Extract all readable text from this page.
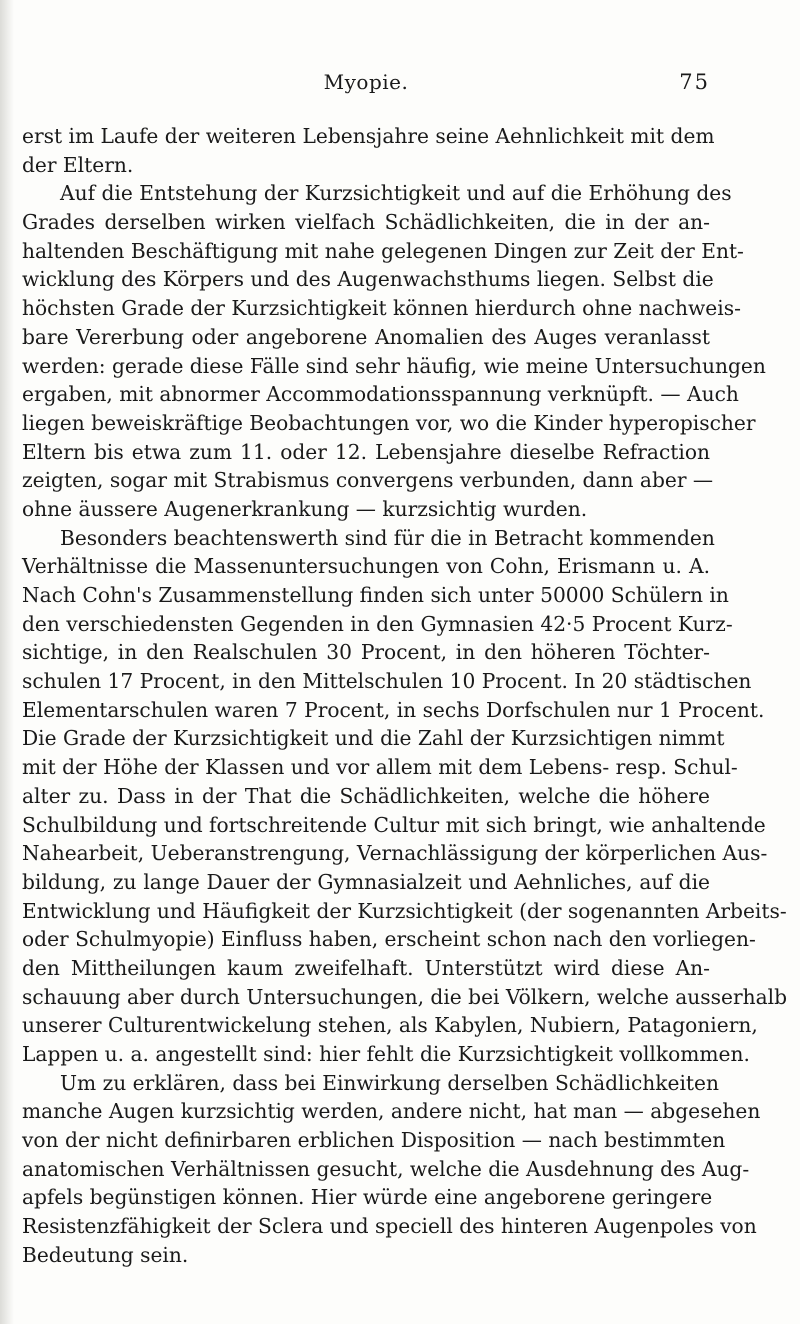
Myopie.	75
erst im Laufe der weiteren Lebensjahre seine Aehnlichkeit mit dem
der Eltern.
Auf die Entstehung der Kurzsichtigkeit und auf die Erhöhung des
Grades derselben wirken vielfach Schädlichkeiten, die in der an-
haltenden Beschäftigung mit nahe gelegenen Dingen zur Zeit der Ent-
wicklung des Körpers und des Augenwachsthums liegen. Selbst die
höchsten Grade der Kurzsichtigkeit können hierdurch ohne nachweis-
bare Vererbung oder angeborene Anomalien des Auges veranlasst
werden: gerade diese Fälle sind sehr häufig, wie meine Untersuchungen
ergaben, mit abnormer Accommodationsspannung verknüpft. — Auch
liegen beweiskräftige Beobachtungen vor, wo die Kinder hyperopischer
Eltern bis etwa zum 11. oder 12. Lebensjahre dieselbe Refraction
zeigten, sogar mit Strabismus convergens verbunden, dann aber —
ohne äussere Augenerkrankung — kurzsichtig wurden.
Besonders beachtenswerth sind für die in Betracht kommenden
Verhältnisse die Massenuntersuchungen von Cohn, Erismann u. A.
Nach Cohn's Zusammenstellung finden sich unter 50000 Schülern in
den verschiedensten Gegenden in den Gymnasien 42·5 Procent Kurz-
sichtige, in den Realschulen 30 Procent, in den höheren Töchter-
schulen 17 Procent, in den Mittelschulen 10 Procent. In 20 städtischen
Elementarschulen waren 7 Procent, in sechs Dorfschulen nur 1 Procent.
Die Grade der Kurzsichtigkeit und die Zahl der Kurzsichtigen nimmt
mit der Höhe der Klassen und vor allem mit dem Lebens- resp. Schul-
alter zu. Dass in der That die Schädlichkeiten, welche die höhere
Schulbildung und fortschreitende Cultur mit sich bringt, wie anhaltende
Nahearbeit, Ueberanstrengung, Vernachlässigung der körperlichen Aus-
bildung, zu lange Dauer der Gymnasialzeit und Aehnliches, auf die
Entwicklung und Häufigkeit der Kurzsichtigkeit (der sogenannten Arbeits-
oder Schulmyopie) Einfluss haben, erscheint schon nach den vorliegen-
den Mittheilungen kaum zweifelhaft. Unterstützt wird diese An-
schauung aber durch Untersuchungen, die bei Völkern, welche ausserhalb
unserer Culturentwickelung stehen, als Kabylen, Nubiern, Patagoniern,
Lappen u. a. angestellt sind: hier fehlt die Kurzsichtigkeit vollkommen.
Um zu erklären, dass bei Einwirkung derselben Schädlichkeiten
manche Augen kurzsichtig werden, andere nicht, hat man — abgesehen
von der nicht definirbaren erblichen Disposition — nach bestimmten
anatomischen Verhältnissen gesucht, welche die Ausdehnung des Aug-
apfels begünstigen können. Hier würde eine angeborene geringere
Resistenzfähigkeit der Sclera und speciell des hinteren Augenpoles von
Bedeutung sein.
